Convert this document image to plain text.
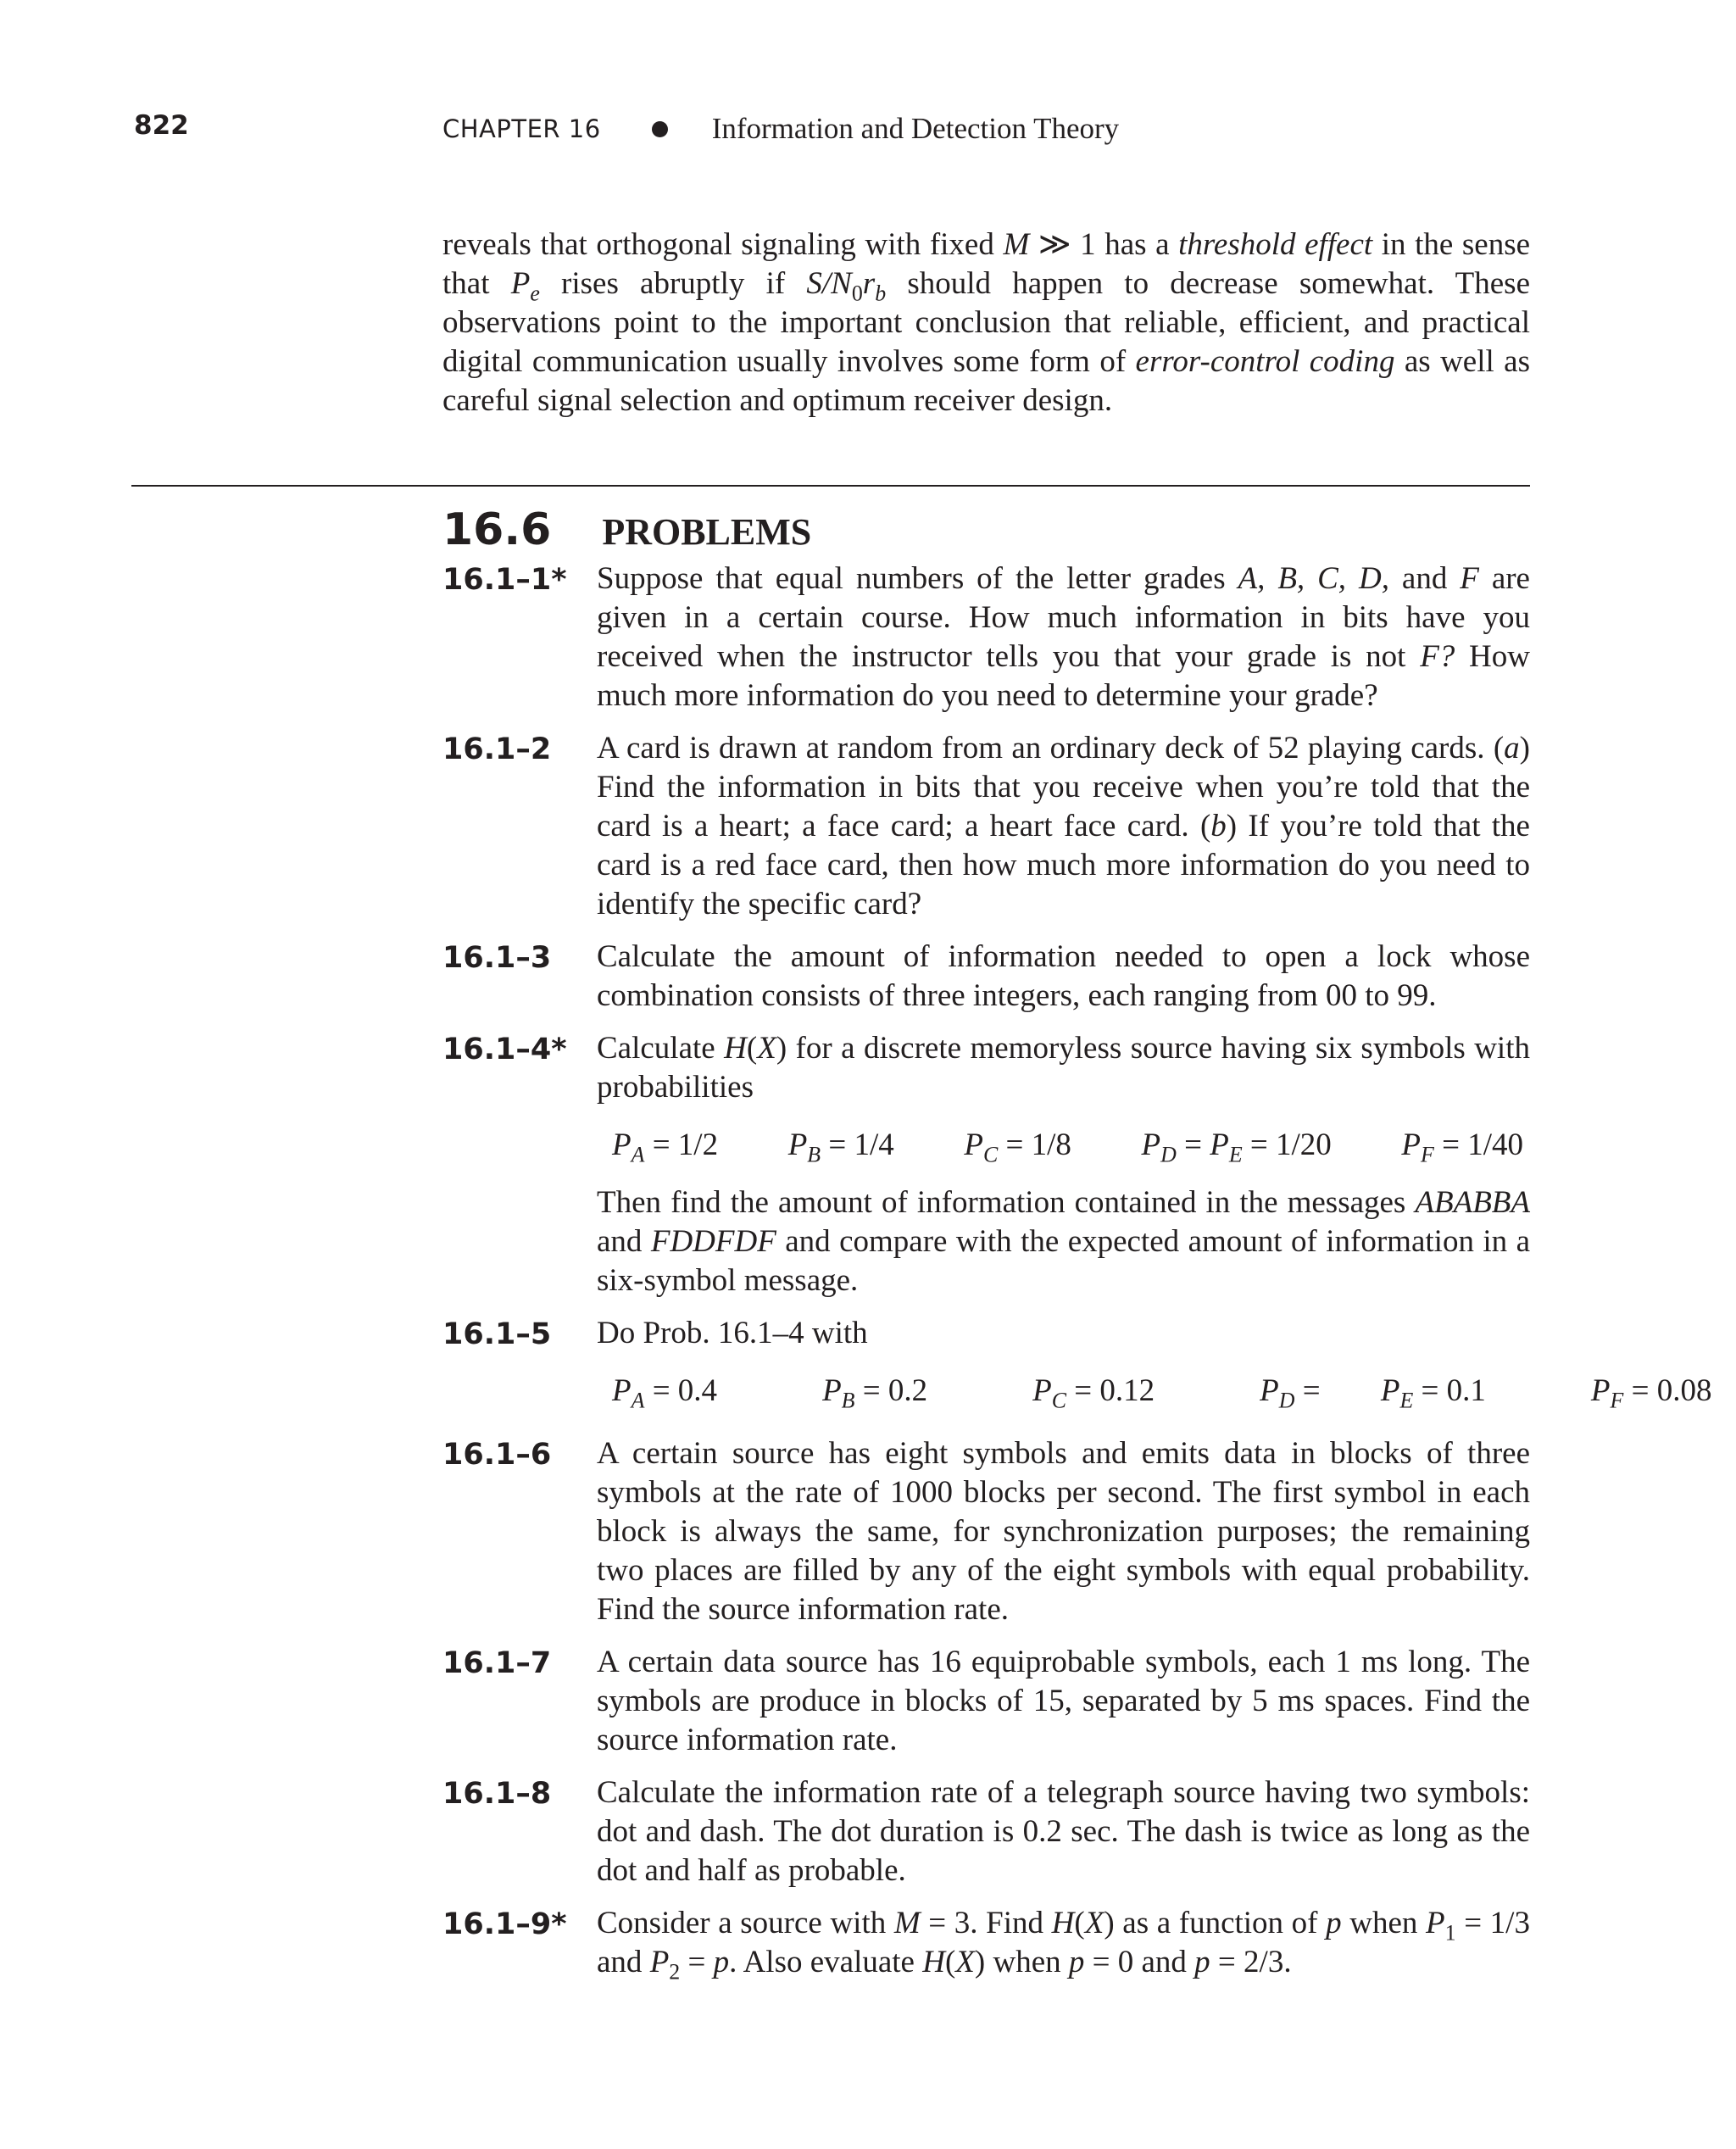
822	CHAPTER 16	Information and Detection Theory

reveals that orthogonal signaling with fixed M ≫ 1 has a threshold effect in the sense that $P_e$ rises abruptly if $S/N_0r_b$ should happen to decrease somewhat. These observations point to the important conclusion that reliable, efficient, and practical digital communication usually involves some form of error-control coding as well as careful signal selection and optimum receiver design.

16.6 PROBLEMS
16.1–1* Suppose that equal numbers of the letter grades A, B, C, D, and F are given in a certain course. How much information in bits have you received when the instructor tells you that your grade is not F? How much more information do you need to determine your grade?

16.1–2	A card is drawn at random from an ordinary deck of 52 playing cards. (a) Find the information in bits that you receive when you’re told that the card is a heart; a face card; a heart face card. (b) If you’re told that the card is a red face card, then how much more information do you need to identify the specific card?

16.1–3	Calculate the amount of information needed to open a lock whose combination consists of three integers, each ranging from 00 to 99.

16.1–4* Calculate H(X) for a discrete memoryless source having six symbols with probabilities

$P_A = 1/2$ $P_B = 1/4$ $P_C = 1/8$ $P_D = P_E = 1/20$ $P_F = 1/40$

Then find the amount of information contained in the messages ABABBA and FDDFDF and compare with the expected amount of information in a six-symbol message.

16.1–5	Do Prob. 16.1–4 with

$P_A = 0.4$	$P_B = 0.2$	$P_C = 0.12$	$P_D = P_E = 0.1$	$P_F = 0.08$
16.1–6	A certain source has eight symbols and emits data in blocks of three symbols at the rate of 1000 blocks per second. The first symbol in each block is always the same, for synchronization purposes; the remaining two places are filled by any of the eight symbols with equal probability. Find the source information rate.

16.1–7	A certain data source has 16 equiprobable symbols, each 1 ms long. The symbols are produce in blocks of 15, separated by 5 ms spaces. Find the source information rate.

16.1–8	Calculate the information rate of a telegraph source having two symbols: dot and dash. The dot duration is 0.2 sec. The dash is twice as long as the dot and half as probable.

16.1–9* Consider a source with M = 3. Find H(X) as a function of p when $P_1 = 1/3$ and $P_2 = p$. Also evaluate H(X) when p = 0 and p = 2/3.
